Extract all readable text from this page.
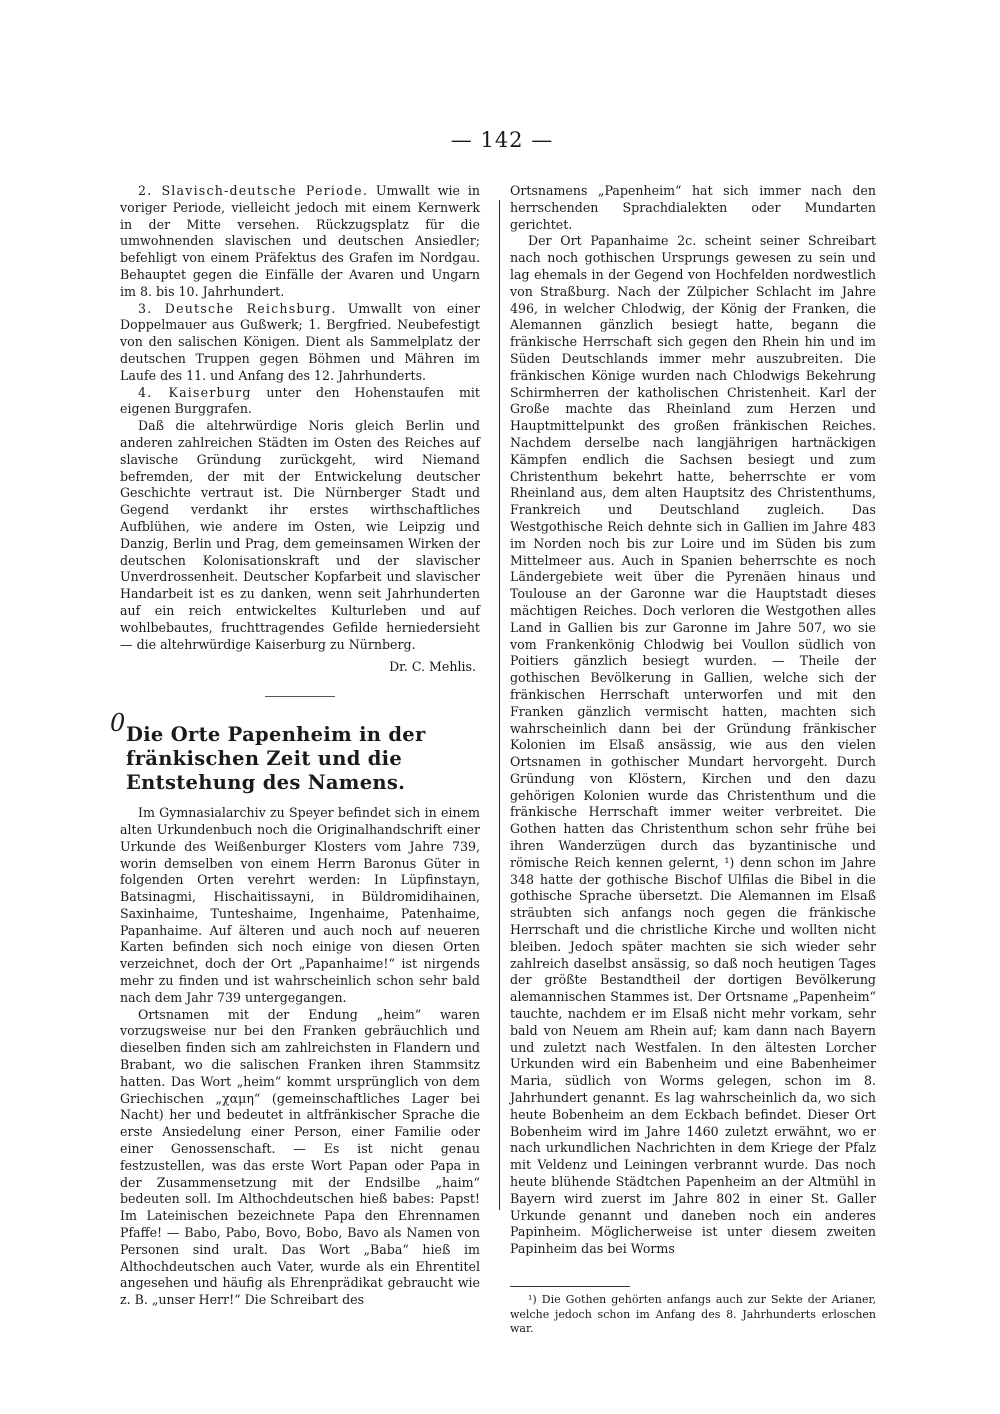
— 142 —

2. Slavisch-deutsche Periode. Umwallt wie in voriger Periode, vielleicht jedoch mit einem Kernwerk in der Mitte versehen. Rückzugsplatz für die umwohnenden slavischen und deutschen Ansiedler; befehligt von einem Präfektus des Grafen im Nordgau. Behauptet gegen die Einfälle der Avaren und Ungarn im 8. bis 10. Jahrhundert.

3. Deutsche Reichsburg. Umwallt von einer Doppelmauer aus Gußwerk; 1. Bergfried. Neubefestigt von den salischen Königen. Dient als Sammelplatz der deutschen Truppen gegen Böhmen und Mähren im Laufe des 11. und Anfang des 12. Jahrhunderts.

4. Kaiserburg unter den Hohenstaufen mit eigenen Burggrafen.

Daß die altehrwürdige Noris gleich Berlin und anderen zahlreichen Städten im Osten des Reiches auf slavische Gründung zurückgeht, wird Niemand befremden, der mit der Entwickelung deutscher Geschichte vertraut ist. Die Nürnberger Stadt und Gegend verdankt ihr erstes wirthschaftliches Aufblühen, wie andere im Osten, wie Leipzig und Danzig, Berlin und Prag, dem gemeinsamen Wirken der deutschen Kolonisationskraft und der slavischer Unverdrossenheit. Deutscher Kopfarbeit und slavischer Handarbeit ist es zu danken, wenn seit Jahrhunderten auf ein reich entwickeltes Kulturleben und auf wohlbebautes, fruchttragendes Gefilde herniedersieht — die altehrwürdige Kaiserburg zu Nürnberg.

Dr. C. Mehlis.

0 Die Orte Papenheim in der fränkischen Zeit und die Entstehung des Namens.

Im Gymnasialarchiv zu Speyer befindet sich in einem alten Urkundenbuch noch die Originalhandschrift einer Urkunde des Weißenburger Klosters vom Jahre 739, worin demselben von einem Herrn Baronus Güter in folgenden Orten verehrt werden: In Lüpfinstayn, Batsinagmi, Hischaitissayni, in Büldromidihainen, Saxinhaime, Tunteshaime, Ingenhaime, Patenhaime, Papanhaime. Auf älteren und auch noch auf neueren Karten befinden sich noch einige von diesen Orten verzeichnet, doch der Ort „Papanhaime!“ ist nirgends mehr zu finden und ist wahrscheinlich schon sehr bald nach dem Jahr 739 untergegangen.

Ortsnamen mit der Endung „heim“ waren vorzugsweise nur bei den Franken gebräuchlich und dieselben finden sich am zahlreichsten in Flandern und Brabant, wo die salischen Franken ihren Stammsitz hatten. Das Wort „heim“ kommt ursprünglich von dem Griechischen „χαμη“ (gemeinschaftliches Lager bei Nacht) her und bedeutet in altfränkischer Sprache die erste Ansiedelung einer Person, einer Familie oder einer Genossenschaft. — Es ist nicht genau festzustellen, was das erste Wort Papan oder Papa in der Zusammensetzung mit der Endsilbe „haim“ bedeuten soll. Im Althochdeutschen hieß babes: Papst! Im Lateinischen bezeichnete Papa den Ehrennamen Pfaffe! — Babo, Pabo, Bovo, Bobo, Bavo als Namen von Personen sind uralt. Das Wort „Baba“ hieß im Althochdeutschen auch Vater, wurde als ein Ehrentitel angesehen und häufig als Ehrenprädikat gebraucht wie z. B. „unser Herr!“ Die Schreibart des

Ortsnamens „Papenheim“ hat sich immer nach den herrschenden Sprachdialekten oder Mundarten gerichtet.

Der Ort Papanhaime 2c. scheint seiner Schreibart nach noch gothischen Ursprungs gewesen zu sein und lag ehemals in der Gegend von Hochfelden nordwestlich von Straßburg. Nach der Zülpicher Schlacht im Jahre 496, in welcher Chlodwig, der König der Franken, die Alemannen gänzlich besiegt hatte, begann die fränkische Herrschaft sich gegen den Rhein hin und im Süden Deutschlands immer mehr auszubreiten. Die fränkischen Könige wurden nach Chlodwigs Bekehrung Schirmherren der katholischen Christenheit. Karl der Große machte das Rheinland zum Herzen und Hauptmittelpunkt des großen fränkischen Reiches. Nachdem derselbe nach langjährigen hartnäckigen Kämpfen endlich die Sachsen besiegt und zum Christenthum bekehrt hatte, beherrschte er vom Rheinland aus, dem alten Hauptsitz des Christenthums, Frankreich und Deutschland zugleich. Das Westgothische Reich dehnte sich in Gallien im Jahre 483 im Norden noch bis zur Loire und im Süden bis zum Mittelmeer aus. Auch in Spanien beherrschte es noch Ländergebiete weit über die Pyrenäen hinaus und Toulouse an der Garonne war die Hauptstadt dieses mächtigen Reiches. Doch verloren die Westgothen alles Land in Gallien bis zur Garonne im Jahre 507, wo sie vom Frankenkönig Chlodwig bei Voullon südlich von Poitiers gänzlich besiegt wurden. — Theile der gothischen Bevölkerung in Gallien, welche sich der fränkischen Herrschaft unterworfen und mit den Franken gänzlich vermischt hatten, machten sich wahrscheinlich dann bei der Gründung fränkischer Kolonien im Elsaß ansässig, wie aus den vielen Ortsnamen in gothischer Mundart hervorgeht. Durch Gründung von Klöstern, Kirchen und den dazu gehörigen Kolonien wurde das Christenthum und die fränkische Herrschaft immer weiter verbreitet. Die Gothen hatten das Christenthum schon sehr frühe bei ihren Wanderzügen durch das byzantinische und römische Reich kennen gelernt, ¹) denn schon im Jahre 348 hatte der gothische Bischof Ulfilas die Bibel in die gothische Sprache übersetzt. Die Alemannen im Elsaß sträubten sich anfangs noch gegen die fränkische Herrschaft und die christliche Kirche und wollten nicht bleiben. Jedoch später machten sie sich wieder sehr zahlreich daselbst ansässig, so daß noch heutigen Tages der größte Bestandtheil der dortigen Bevölkerung alemannischen Stammes ist. Der Ortsname „Papenheim“ tauchte, nachdem er im Elsaß nicht mehr vorkam, sehr bald von Neuem am Rhein auf; kam dann nach Bayern und zuletzt nach Westfalen. In den ältesten Lorcher Urkunden wird ein Babenheim und eine Babenheimer Maria, südlich von Worms gelegen, schon im 8. Jahrhundert genannt. Es lag wahrscheinlich da, wo sich heute Bobenheim an dem Eckbach befindet. Dieser Ort Bobenheim wird im Jahre 1460 zuletzt erwähnt, wo er nach urkundlichen Nachrichten in dem Kriege der Pfalz mit Veldenz und Leiningen verbrannt wurde. Das noch heute blühende Städtchen Papenheim an der Altmühl in Bayern wird zuerst im Jahre 802 in einer St. Galler Urkunde genannt und daneben noch ein anderes Papinheim. Möglicherweise ist unter diesem zweiten Papinheim das bei Worms

¹) Die Gothen gehörten anfangs auch zur Sekte der Arianer, welche jedoch schon im Anfang des 8. Jahrhunderts erloschen war.
